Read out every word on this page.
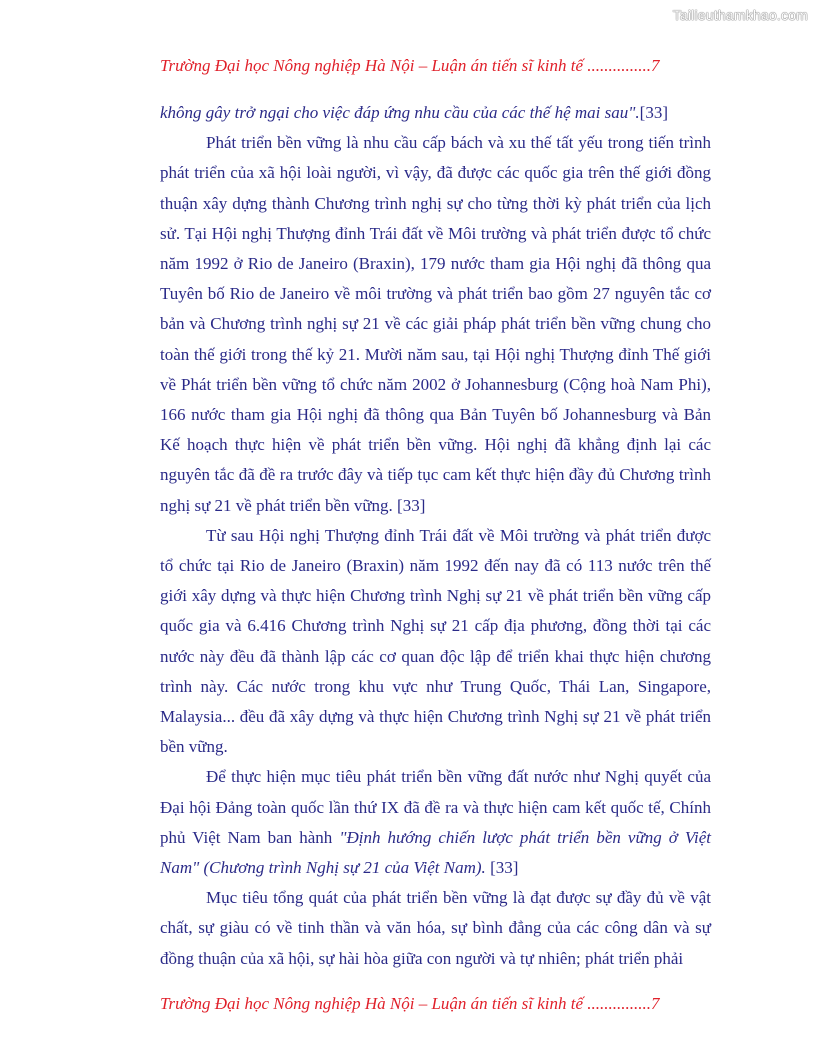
Tailieuthamkhao.com
Trường Đại học Nông nghiệp Hà Nội – Luận án tiến sĩ kinh tế ...............7

không gây trở ngại cho việc đáp ứng nhu cầu của các thế hệ mai sau".[33]

Phát triển bền vững là nhu cầu cấp bách và xu thế tất yếu trong tiến trình phát triển của xã hội loài người, vì vậy, đã được các quốc gia trên thế giới đồng thuận xây dựng thành Chương trình nghị sự cho từng thời kỳ phát triển của lịch sử. Tại Hội nghị Thượng đỉnh Trái đất về Môi trường và phát triển được tổ chức năm 1992 ở Rio de Janeiro (Braxin), 179 nước tham gia Hội nghị đã thông qua Tuyên bố Rio de Janeiro về môi trường và phát triển bao gồm 27 nguyên tắc cơ bản và Chương trình nghị sự 21 về các giải pháp phát triển bền vững chung cho toàn thế giới trong thế kỷ 21. Mười năm sau, tại Hội nghị Thượng đỉnh Thế giới về Phát triển bền vững tổ chức năm 2002 ở Johannesburg (Cộng hoà Nam Phi), 166 nước tham gia Hội nghị đã thông qua Bản Tuyên bố Johannesburg và Bản Kế hoạch thực hiện về phát triển bền vững. Hội nghị đã khẳng định lại các nguyên tắc đã đề ra trước đây và tiếp tục cam kết thực hiện đầy đủ Chương trình nghị sự 21 về phát triển bền vững. [33]

Từ sau Hội nghị Thượng đỉnh Trái đất về Môi trường và phát triển được tổ chức tại Rio de Janeiro (Braxin) năm 1992 đến nay đã có 113 nước trên thế giới xây dựng và thực hiện Chương trình Nghị sự 21 về phát triển bền vững cấp quốc gia và 6.416 Chương trình Nghị sự 21 cấp địa phương, đồng thời tại các nước này đều đã thành lập các cơ quan độc lập để triển khai thực hiện chương trình này. Các nước trong khu vực như Trung Quốc, Thái Lan, Singapore, Malaysia... đều đã xây dựng và thực hiện Chương trình Nghị sự 21 về phát triển bền vững.

Để thực hiện mục tiêu phát triển bền vững đất nước như Nghị quyết của Đại hội Đảng toàn quốc lần thứ IX đã đề ra và thực hiện cam kết quốc tế, Chính phủ Việt Nam ban hành "Định hướng chiến lược phát triển bền vững ở Việt Nam" (Chương trình Nghị sự 21 của Việt Nam). [33]

Mục tiêu tổng quát của phát triển bền vững là đạt được sự đầy đủ về vật chất, sự giàu có về tinh thần và văn hóa, sự bình đẳng của các công dân và sự đồng thuận của xã hội, sự hài hòa giữa con người và tự nhiên; phát triển phải

Trường Đại học Nông nghiệp Hà Nội – Luận án tiến sĩ kinh tế ...............7
